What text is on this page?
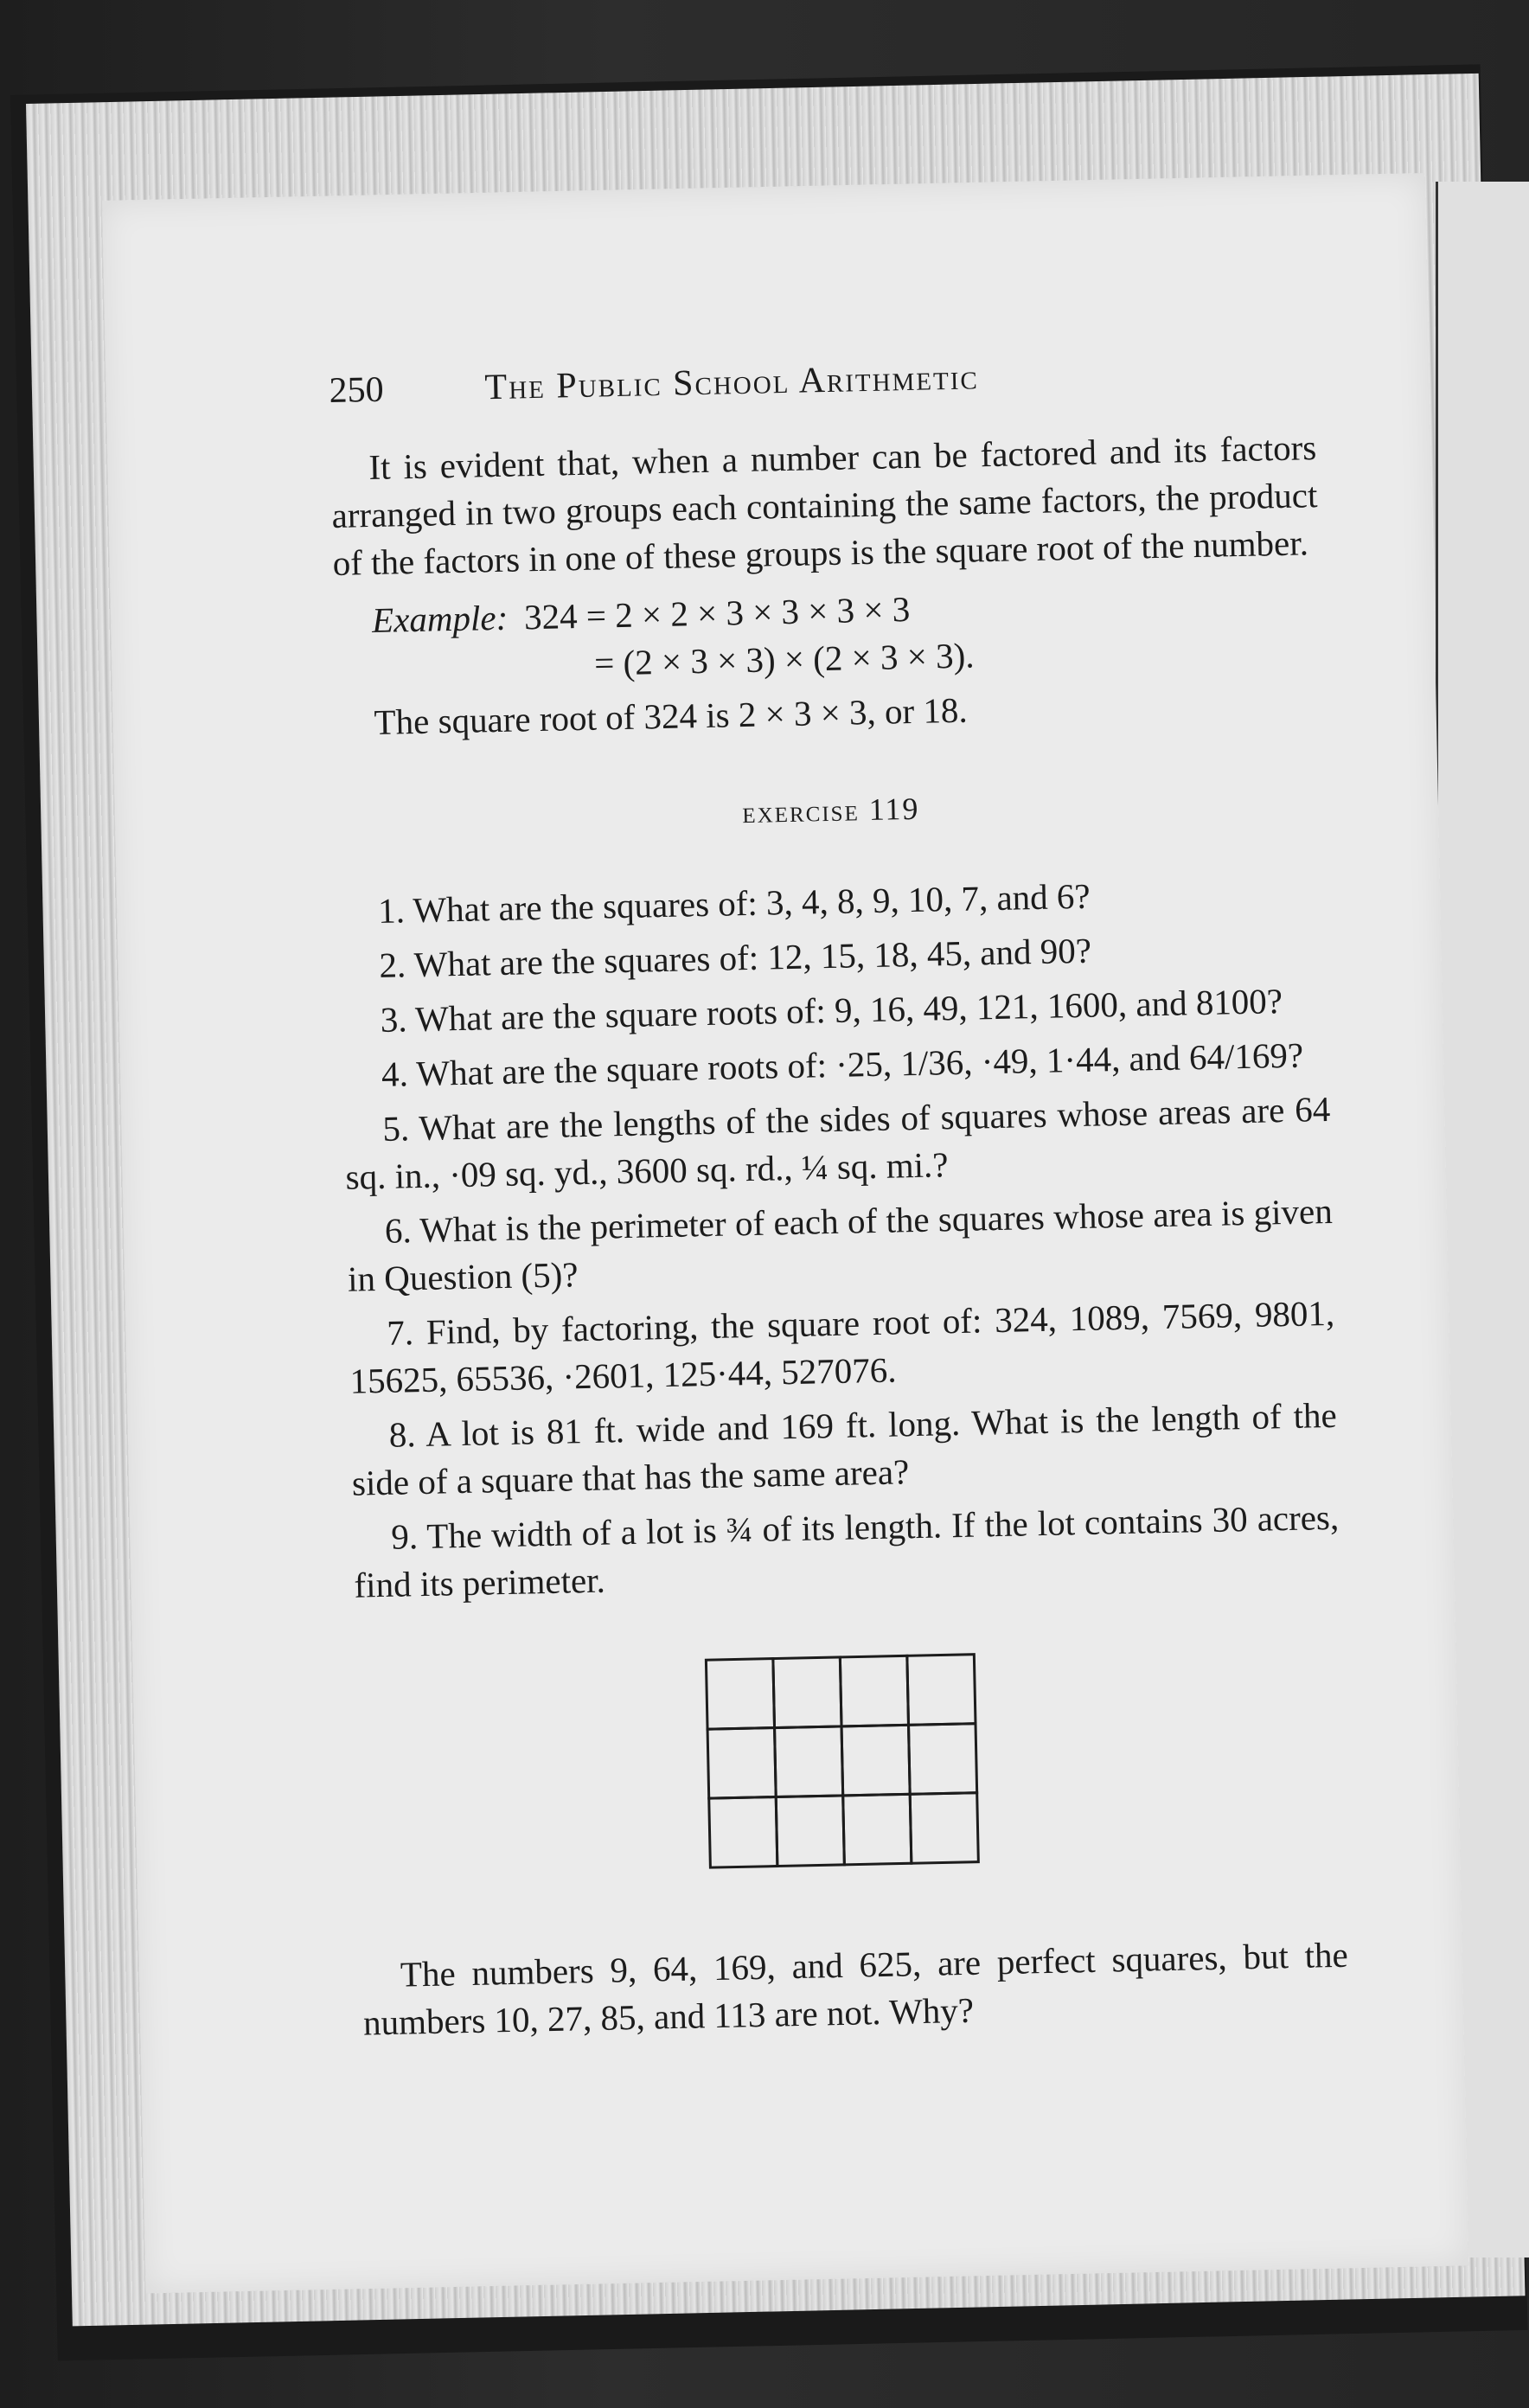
250	The Public School Arithmetic

It is evident that, when a number can be factored and its factors arranged in two groups each containing the same factors, the product of the factors in one of these groups is the square root of the number.

Example: 324 = 2 × 2 × 3 × 3 × 3 × 3
= (2 × 3 × 3) × (2 × 3 × 3).
The square root of 324 is 2 × 3 × 3, or 18.
exercise 119

1. What are the squares of: 3, 4, 8, 9, 10, 7, and 6?

2. What are the squares of: 12, 15, 18, 45, and 90?

3. What are the square roots of: 9, 16, 49, 121, 1600, and 8100?

4. What are the square roots of: ·25, 1/36, ·49, 1·44, and 64/169?

5. What are the lengths of the sides of squares whose areas are 64 sq. in., ·09 sq. yd., 3600 sq. rd., ¼ sq. mi.?

6. What is the perimeter of each of the squares whose area is given in Question (5)?

7. Find, by factoring, the square root of: 324, 1089, 7569, 9801, 15625, 65536, ·2601, 125·44, 527076.

8. A lot is 81 ft. wide and 169 ft. long. What is the length of the side of a square that has the same area?

9. The width of a lot is ¾ of its length. If the lot contains 30 acres, find its perimeter.

The numbers 9, 64, 169, and 625, are perfect squares, but the numbers 10, 27, 85, and 113 are not. Why?
